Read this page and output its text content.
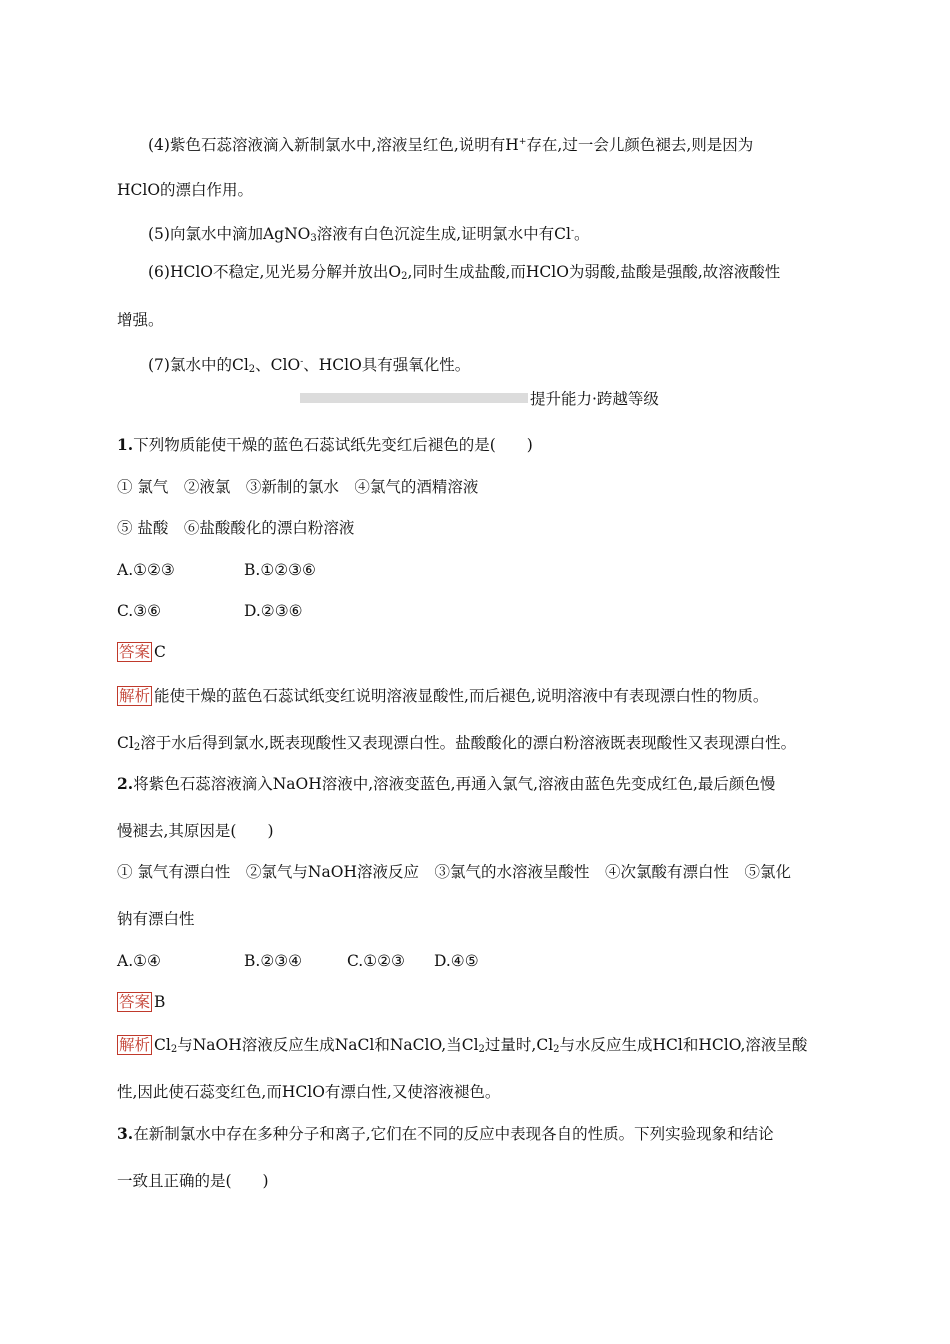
(4)紫色石蕊溶液滴入新制氯水中,溶液呈红色,说明有H+存在,过一会儿颜色褪去,则是因为
HClO的漂白作用。
(5)向氯水中滴加AgNO$_3$溶液有白色沉淀生成,证明氯水中有Cl-。
(6)HClO不稳定,见光易分解并放出$O_2$,同时生成盐酸,而HClO为弱酸,盐酸是强酸,故溶液酸性
增强。
(7)氯水中的$Cl_2$、ClO-、HClO具有强氧化性。
提升能力·跨越等级
1.下列物质能使干燥的蓝色石蕊试纸先变红后褪色的是(　　)
① 氯气　②液氯　③新制的氯水　④氯气的酒精溶液
⑤ 盐酸　⑥盐酸酸化的漂白粉溶液
A.①②③	B.①②③⑥
C.③⑥	D.②③⑥
答案 C
解析 能使干燥的蓝色石蕊试纸变红说明溶液显酸性,而后褪色,说明溶液中有表现漂白性的物质。
$Cl_2$溶于水后得到氯水,既表现酸性又表现漂白性。盐酸酸化的漂白粉溶液既表现酸性又表现漂白性。
2.将紫色石蕊溶液滴入NaOH溶液中,溶液变蓝色,再通入氯气,溶液由蓝色先变成红色,最后颜色慢
慢褪去,其原因是(　　)
① 氯气有漂白性　②氯气与NaOH溶液反应　③氯气的水溶液呈酸性　④次氯酸有漂白性　⑤氯化
钠有漂白性
A.①④	B.②③④	C.①②③ D.④⑤
答案 B
解析 $Cl_2$与NaOH溶液反应生成NaCl和NaClO,当$Cl_2$过量时$,Cl_2$与水反应生成HCl和HClO,溶液呈酸
性,因此使石蕊变红色,而HClO有漂白性,又使溶液褪色。
3.在新制氯水中存在多种分子和离子,它们在不同的反应中表现各自的性质。下列实验现象和结论
一致且正确的是(　　)
